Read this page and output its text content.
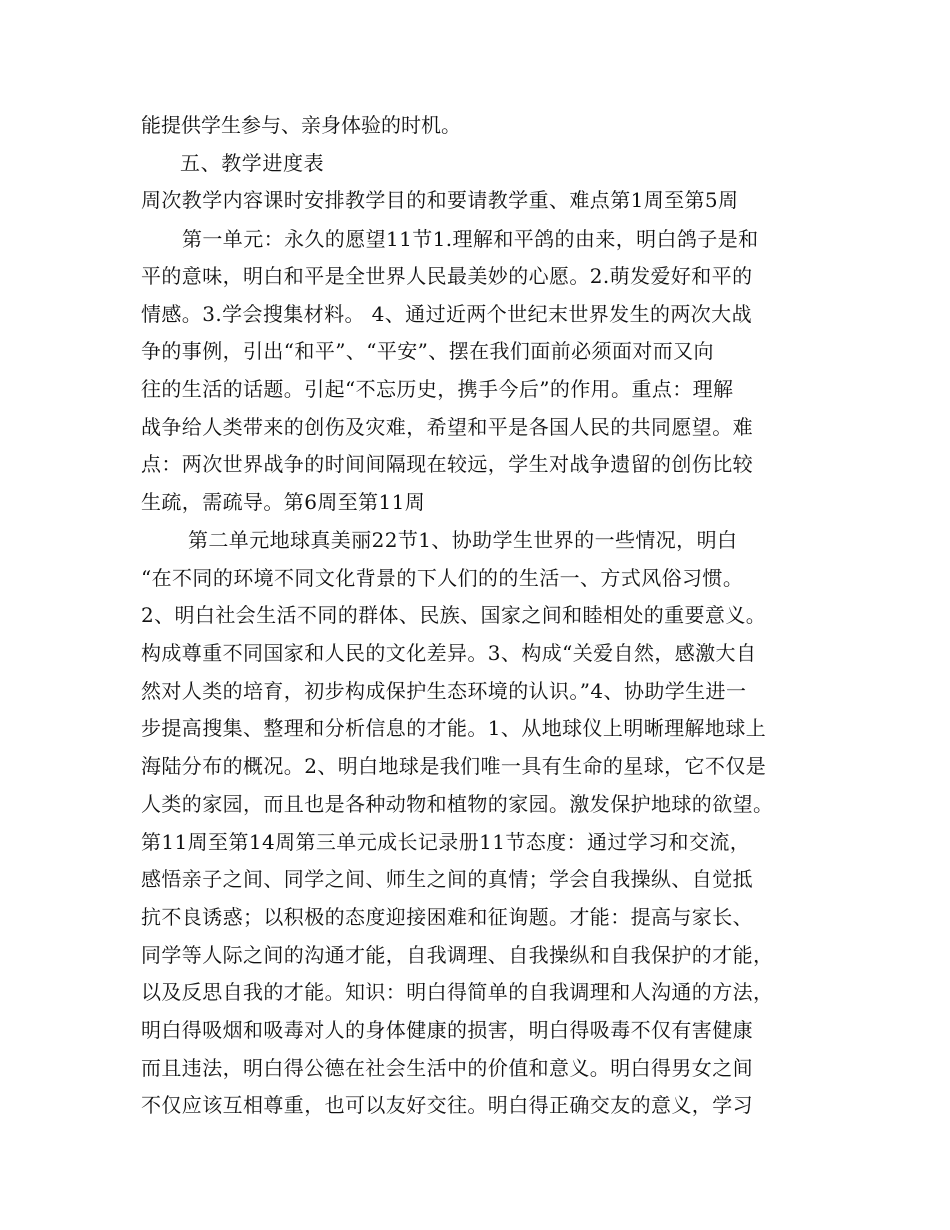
能提供学生参与、亲身体验的时机。
五、教学进度表
周次教学内容课时安排教学目的和要请教学重、难点第1周至第5周
第一单元：永久的愿望11节1.理解和平鸽的由来，明白鸽子是和
平的意味，明白和平是全世界人民最美妙的心愿。2.萌发爱好和平的
情感。3.学会搜集材料。 4、通过近两个世纪末世界发生的两次大战
争的事例，引出“和平”、“平安”、摆在我们面前必须面对而又向
往的生活的话题。引起“不忘历史，携手今后”的作用。重点：理解
战争给人类带来的创伤及灾难，希望和平是各国人民的共同愿望。难
点：两次世界战争的时间间隔现在较远，学生对战争遗留的创伤比较
生疏，需疏导。第6周至第11周
第二单元地球真美丽22节1、协助学生世界的一些情况，明白
“在不同的环境不同文化背景的下人们的的生活一、方式风俗习惯。
2、明白社会生活不同的群体、民族、国家之间和睦相处的重要意义。
构成尊重不同国家和人民的文化差异。3、构成“关爱自然，感激大自
然对人类的培育，初步构成保护生态环境的认识。”4、协助学生进一
步提高搜集、整理和分析信息的才能。1、从地球仪上明晰理解地球上
海陆分布的概况。2、明白地球是我们唯一具有生命的星球，它不仅是
人类的家园，而且也是各种动物和植物的家园。激发保护地球的欲望。
第11周至第14周第三单元成长记录册11节态度：通过学习和交流，
感悟亲子之间、同学之间、师生之间的真情；学会自我操纵、自觉抵
抗不良诱惑；以积极的态度迎接困难和征询题。才能：提高与家长、
同学等人际之间的沟通才能，自我调理、自我操纵和自我保护的才能，
以及反思自我的才能。知识：明白得简单的自我调理和人沟通的方法，
明白得吸烟和吸毒对人的身体健康的损害，明白得吸毒不仅有害健康
而且违法，明白得公德在社会生活中的价值和意义。明白得男女之间
不仅应该互相尊重，也可以友好交往。明白得正确交友的意义，学习
